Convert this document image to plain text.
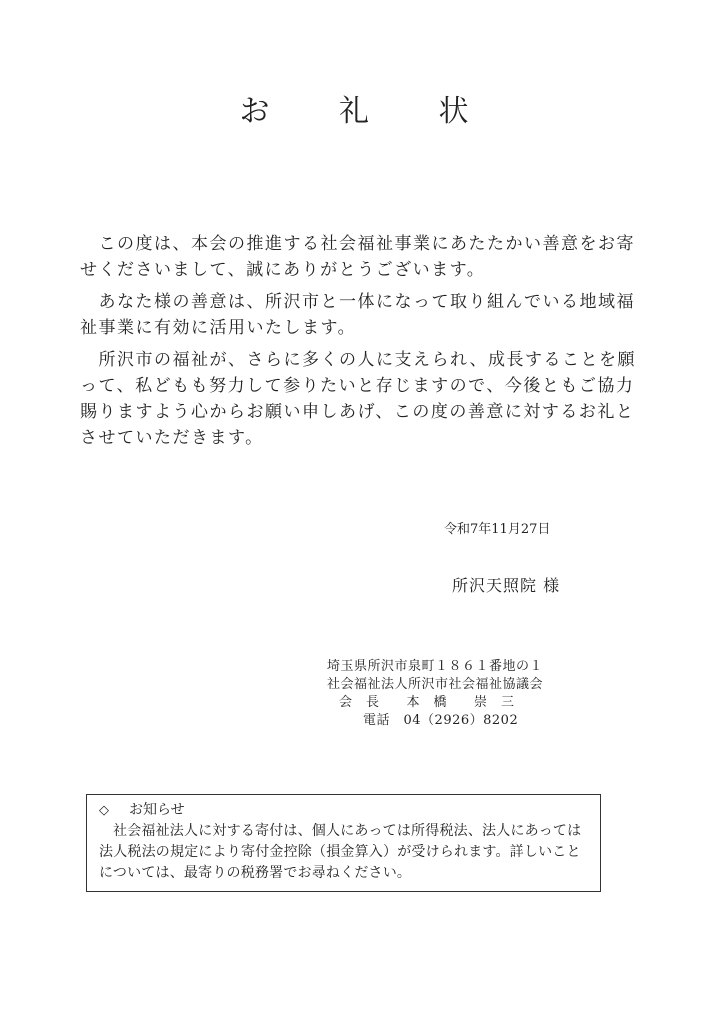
お 礼 状

　この度は、本会の推進する社会福祉事業にあたたかい善意をお寄せくださいまして、誠にありがとうございます。

　あなた様の善意は、所沢市と一体になって取り組んでいる地域福祉事業に有効に活用いたします。

　所沢市の福祉が、さらに多くの人に支えられ、成長することを願って、私どもも努力して参りたいと存じますので、今後ともご協力賜りますよう心からお願い申しあげ、この度の善意に対するお礼とさせていただきます。

令和7年11月27日

所沢天照院 様

埼玉県所沢市泉町１８６１番地の１
社会福祉法人所沢市社会福祉協議会
会　長　　本　橋　　崇　三
電話　04（2926）8202
◇	お知らせ
社会福祉法人に対する寄付は、個人にあっては所得税法、法人にあっては法人税法の規定により寄付金控除（損金算入）が受けられます。詳しいことについては、最寄りの税務署でお尋ねください。
